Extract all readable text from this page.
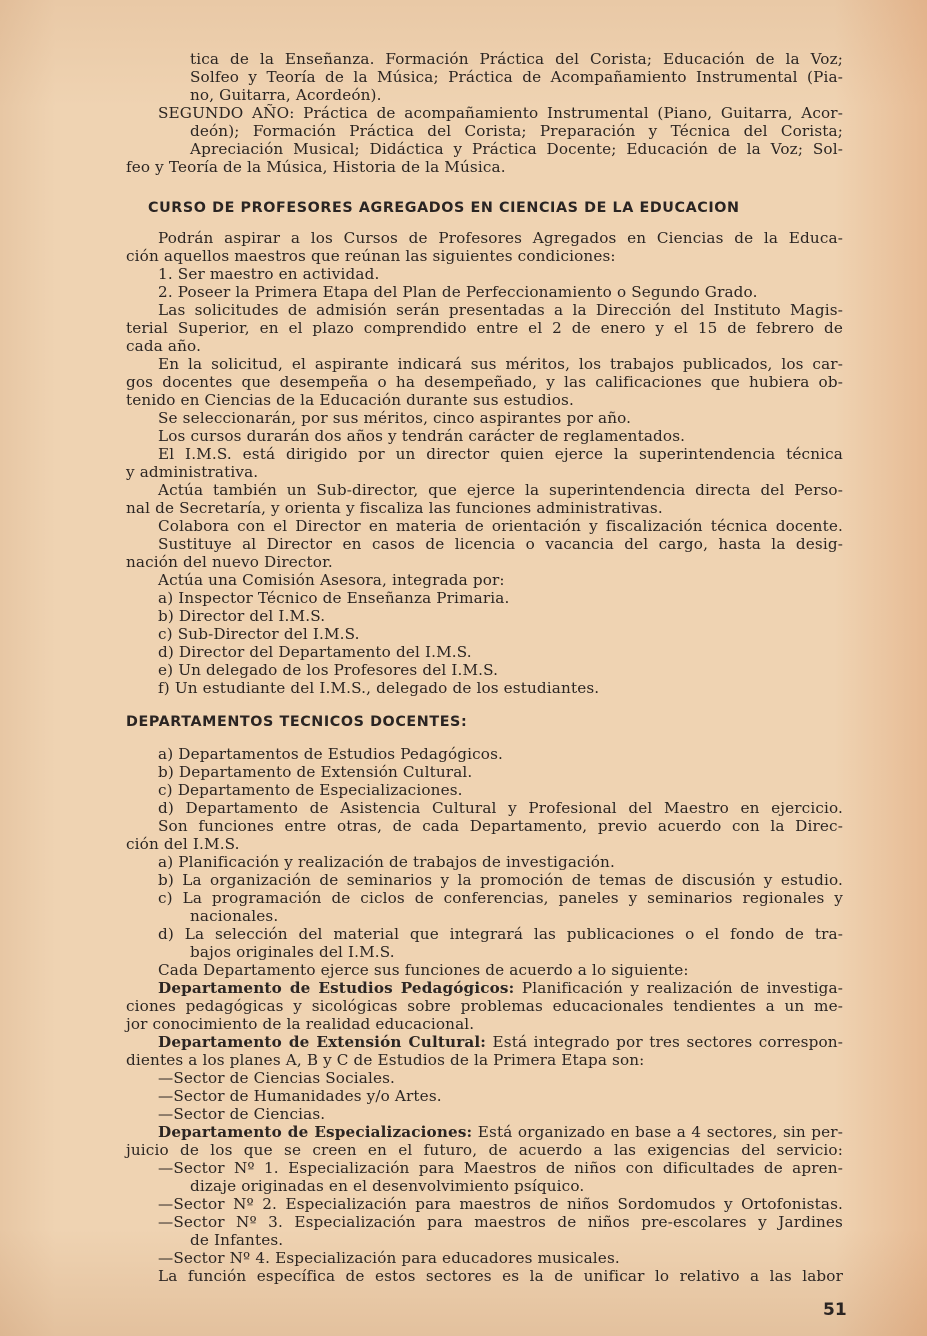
tica de la Enseñanza. Formación Práctica del Corista; Educación de la Voz;
Solfeo y Teoría de la Música; Práctica de Acompañamiento Instrumental (Pia-
no, Guitarra, Acordeón).
SEGUNDO AÑO: Práctica de acompañamiento Instrumental (Piano, Guitarra, Acor-
deón); Formación Práctica del Corista; Preparación y Técnica del Corista;
Apreciación Musical; Didáctica y Práctica Docente; Educación de la Voz; Sol-
feo y Teoría de la Música, Historia de la Música.
CURSO DE PROFESORES AGREGADOS EN CIENCIAS DE LA EDUCACION
Podrán aspirar a los Cursos de Profesores Agregados en Ciencias de la Educa-
ción aquellos maestros que reúnan las siguientes condiciones:
1. Ser maestro en actividad.
2. Poseer la Primera Etapa del Plan de Perfeccionamiento o Segundo Grado.
Las solicitudes de admisión serán presentadas a la Dirección del Instituto Magis-
terial Superior, en el plazo comprendido entre el 2 de enero y el 15 de febrero de
cada año.
En la solicitud, el aspirante indicará sus méritos, los trabajos publicados, los car-
gos docentes que desempeña o ha desempeñado, y las calificaciones que hubiera ob-
tenido en Ciencias de la Educación durante sus estudios.
Se seleccionarán, por sus méritos, cinco aspirantes por año.
Los cursos durarán dos años y tendrán carácter de reglamentados.
El I.M.S. está dirigido por un director quien ejerce la superintendencia técnica
y administrativa.
Actúa también un Sub-director, que ejerce la superintendencia directa del Perso-
nal de Secretaría, y orienta y fiscaliza las funciones administrativas.
Colabora con el Director en materia de orientación y fiscalización técnica docente.
Sustituye al Director en casos de licencia o vacancia del cargo, hasta la desig-
nación del nuevo Director.
Actúa una Comisión Asesora, integrada por:
a) Inspector Técnico de Enseñanza Primaria.
b) Director del I.M.S.
c) Sub-Director del I.M.S.
d) Director del Departamento del I.M.S.
e) Un delegado de los Profesores del I.M.S.
f) Un estudiante del I.M.S., delegado de los estudiantes.
DEPARTAMENTOS TECNICOS DOCENTES:
a) Departamentos de Estudios Pedagógicos.
b) Departamento de Extensión Cultural.
c) Departamento de Especializaciones.
d) Departamento de Asistencia Cultural y Profesional del Maestro en ejercicio.
Son funciones entre otras, de cada Departamento, previo acuerdo con la Direc-
ción del I.M.S.
a) Planificación y realización de trabajos de investigación.
b) La organización de seminarios y la promoción de temas de discusión y estudio.
c) La programación de ciclos de conferencias, paneles y seminarios regionales y
nacionales.
d) La selección del material que integrará las publicaciones o el fondo de tra-
bajos originales del I.M.S.
Cada Departamento ejerce sus funciones de acuerdo a lo siguiente:
Departamento de Estudios Pedagógicos: Planificación y realización de investiga-
ciones pedagógicas y sicológicas sobre problemas educacionales tendientes a un me-
jor conocimiento de la realidad educacional.
Departamento de Extensión Cultural: Está integrado por tres sectores correspon-
dientes a los planes A, B y C de Estudios de la Primera Etapa son:
—Sector de Ciencias Sociales.
—Sector de Humanidades y/o Artes.
—Sector de Ciencias.
Departamento de Especializaciones: Está organizado en base a 4 sectores, sin per-
juicio de los que se creen en el futuro, de acuerdo a las exigencias del servicio:
—Sector Nº 1. Especialización para Maestros de niños con dificultades de apren-
dizaje originadas en el desenvolvimiento psíquico.
—Sector Nº 2. Especialización para maestros de niños Sordomudos y Ortofonistas.
—Sector Nº 3. Especialización para maestros de niños pre-escolares y Jardines
de Infantes.
—Sector Nº 4. Especialización para educadores musicales.
La función específica de estos sectores es la de unificar lo relativo a las labor
51
